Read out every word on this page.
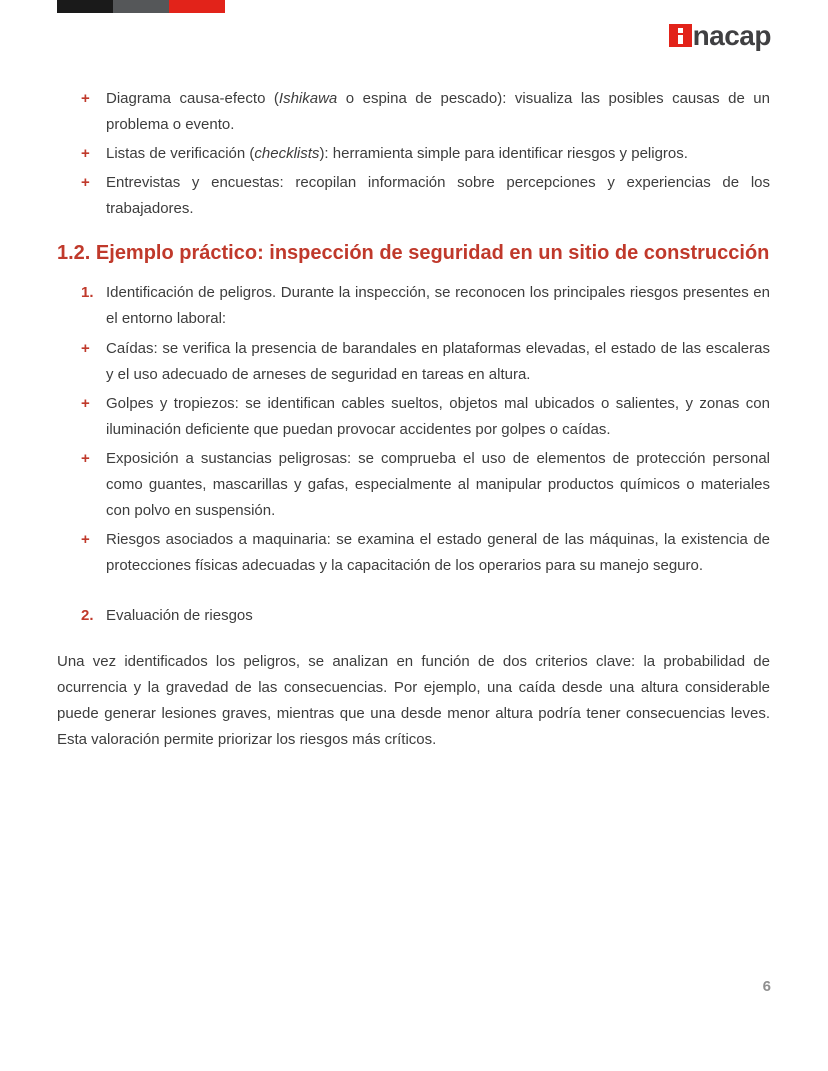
nacap
+ Diagrama causa-efecto (Ishikawa o espina de pescado): visualiza las posibles causas de un problema o evento.
+ Listas de verificación (checklists): herramienta simple para identificar riesgos y peligros.
+ Entrevistas y encuestas: recopilan información sobre percepciones y experiencias de los trabajadores.
1.2. Ejemplo práctico: inspección de seguridad en un sitio de construcción
1. Identificación de peligros. Durante la inspección, se reconocen los principales riesgos presentes en el entorno laboral:
+ Caídas: se verifica la presencia de barandales en plataformas elevadas, el estado de las escaleras y el uso adecuado de arneses de seguridad en tareas en altura.
+ Golpes y tropiezos: se identifican cables sueltos, objetos mal ubicados o salientes, y zonas con iluminación deficiente que puedan provocar accidentes por golpes o caídas.
+ Exposición a sustancias peligrosas: se comprueba el uso de elementos de protección personal como guantes, mascarillas y gafas, especialmente al manipular productos químicos o materiales con polvo en suspensión.
+ Riesgos asociados a maquinaria: se examina el estado general de las máquinas, la existencia de protecciones físicas adecuadas y la capacitación de los operarios para su manejo seguro.
2. Evaluación de riesgos

Una vez identificados los peligros, se analizan en función de dos criterios clave: la probabilidad de ocurrencia y la gravedad de las consecuencias. Por ejemplo, una caída desde una altura considerable puede generar lesiones graves, mientras que una desde menor altura podría tener consecuencias leves. Esta valoración permite priorizar los riesgos más críticos.

6
